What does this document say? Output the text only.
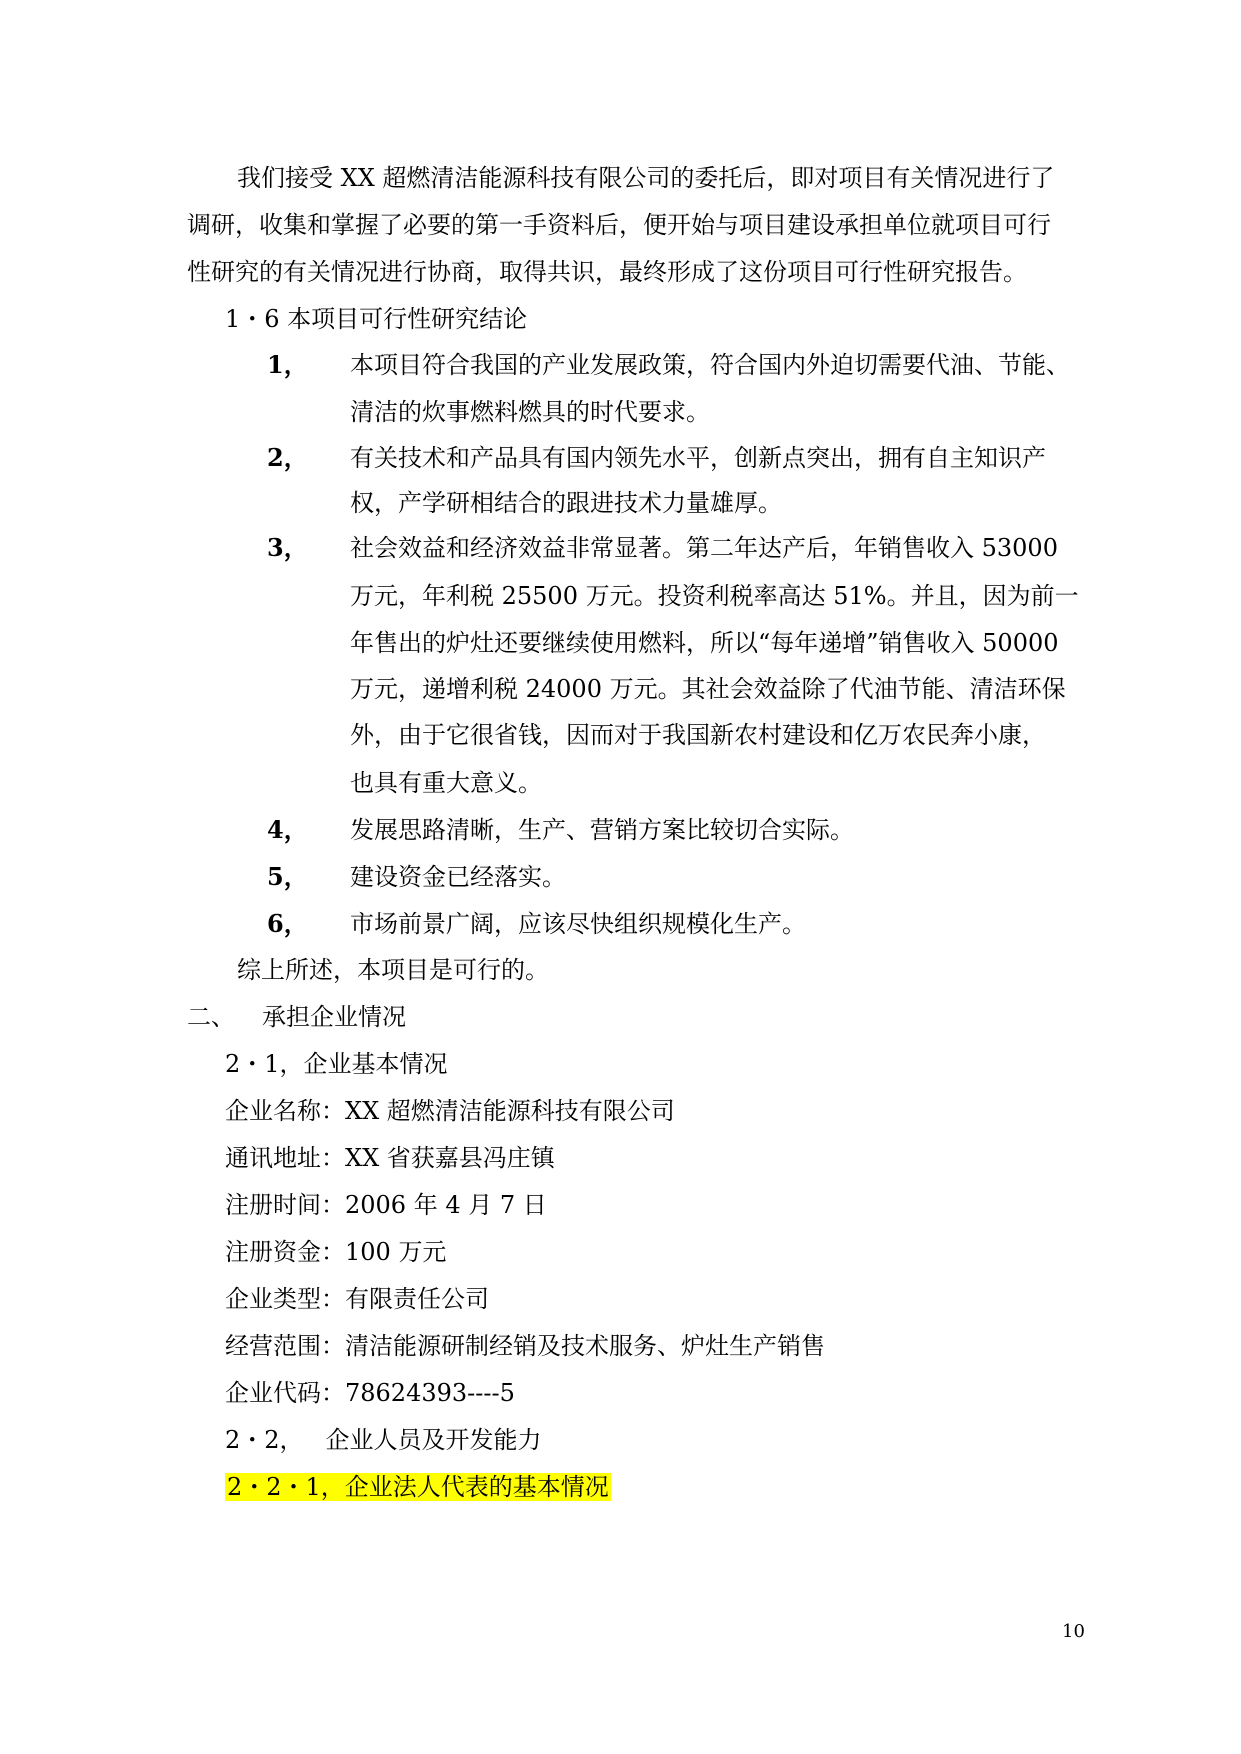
我们接受 XX 超燃清洁能源科技有限公司的委托后，即对项目有关情况进行了
调研，收集和掌握了必要的第一手资料后，便开始与项目建设承担单位就项目可行
性研究的有关情况进行协商，取得共识，最终形成了这份项目可行性研究报告。
1・6 本项目可行性研究结论
1， 本项目符合我国的产业发展政策，符合国内外迫切需要代油、节能、
清洁的炊事燃料燃具的时代要求。
2， 有关技术和产品具有国内领先水平，创新点突出，拥有自主知识产
权，产学研相结合的跟进技术力量雄厚。
3， 社会效益和经济效益非常显著。第二年达产后，年销售收入 53000
万元，年利税 25500 万元。投资利税率高达 51%。并且，因为前一
年售出的炉灶还要继续使用燃料，所以“每年递增”销售收入 50000
万元，递增利税 24000 万元。其社会效益除了代油节能、清洁环保
外，由于它很省钱，因而对于我国新农村建设和亿万农民奔小康，
也具有重大意义。
4， 发展思路清晰，生产、营销方案比较切合实际。
5， 建设资金已经落实。
6， 市场前景广阔，应该尽快组织规模化生产。
综上所述，本项目是可行的。
二、 承担企业情况
2・1，企业基本情况
企业名称：XX 超燃清洁能源科技有限公司
通讯地址：XX 省获嘉县冯庄镇
注册时间：2006 年 4 月 7 日
注册资金：100 万元
企业类型：有限责任公司
经营范围：清洁能源研制经销及技术服务、炉灶生产销售
企业代码：78624393----5
2・2， 企业人员及开发能力
2・2・1，企业法人代表的基本情况
10
